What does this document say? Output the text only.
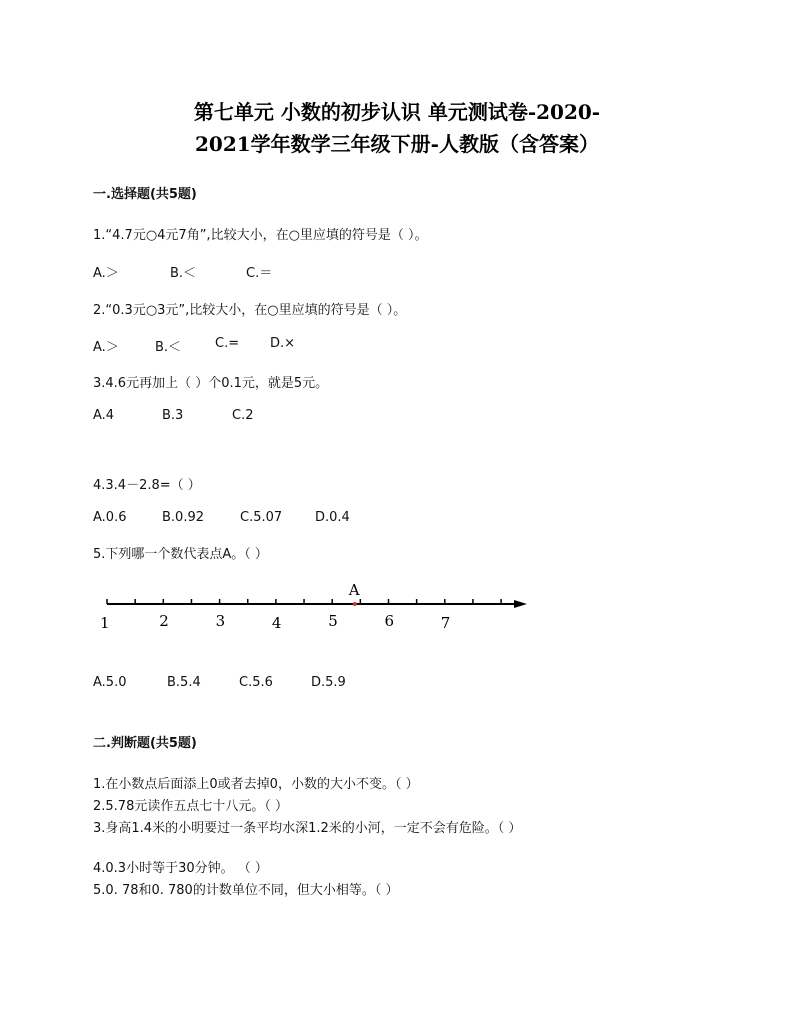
第七单元 小数的初步认识 单元测试卷-2020-
2021学年数学三年级下册-人教版（含答案）
一.选择题(共5题)
1.“4.7元○4元7角”,比较大小，在○里应填的符号是（ ）。
A.＞	B.＜	C.＝
2.“0.3元○3元”,比较大小，在○里应填的符号是（ ）。
A.＞	B.＜	C.= D.×
3.4.6元再加上（ ）个0.1元，就是5元。
A.4	B.3	C.2
4.3.4－2.8=（ ）
A.0.6	B.0.92	C.5.07	D.0.4
5.下列哪一个数代表点A。（ ）
1	2	3	4	5	6	7
A
A.5.0	B.5.4	C.5.6	D.5.9
二.判断题(共5题)
1.在小数点后面添上0或者去掉0，小数的大小不变。（ ）
2.5.78元读作五点七十八元。（ ）
3.身高1.4米的小明要过一条平均水深1.2米的小河，一定不会有危险。（ ）
4.0.3小时等于30分钟。 （ ）
5.0. 78和0. 780的计数单位不同，但大小相等。（ ）
